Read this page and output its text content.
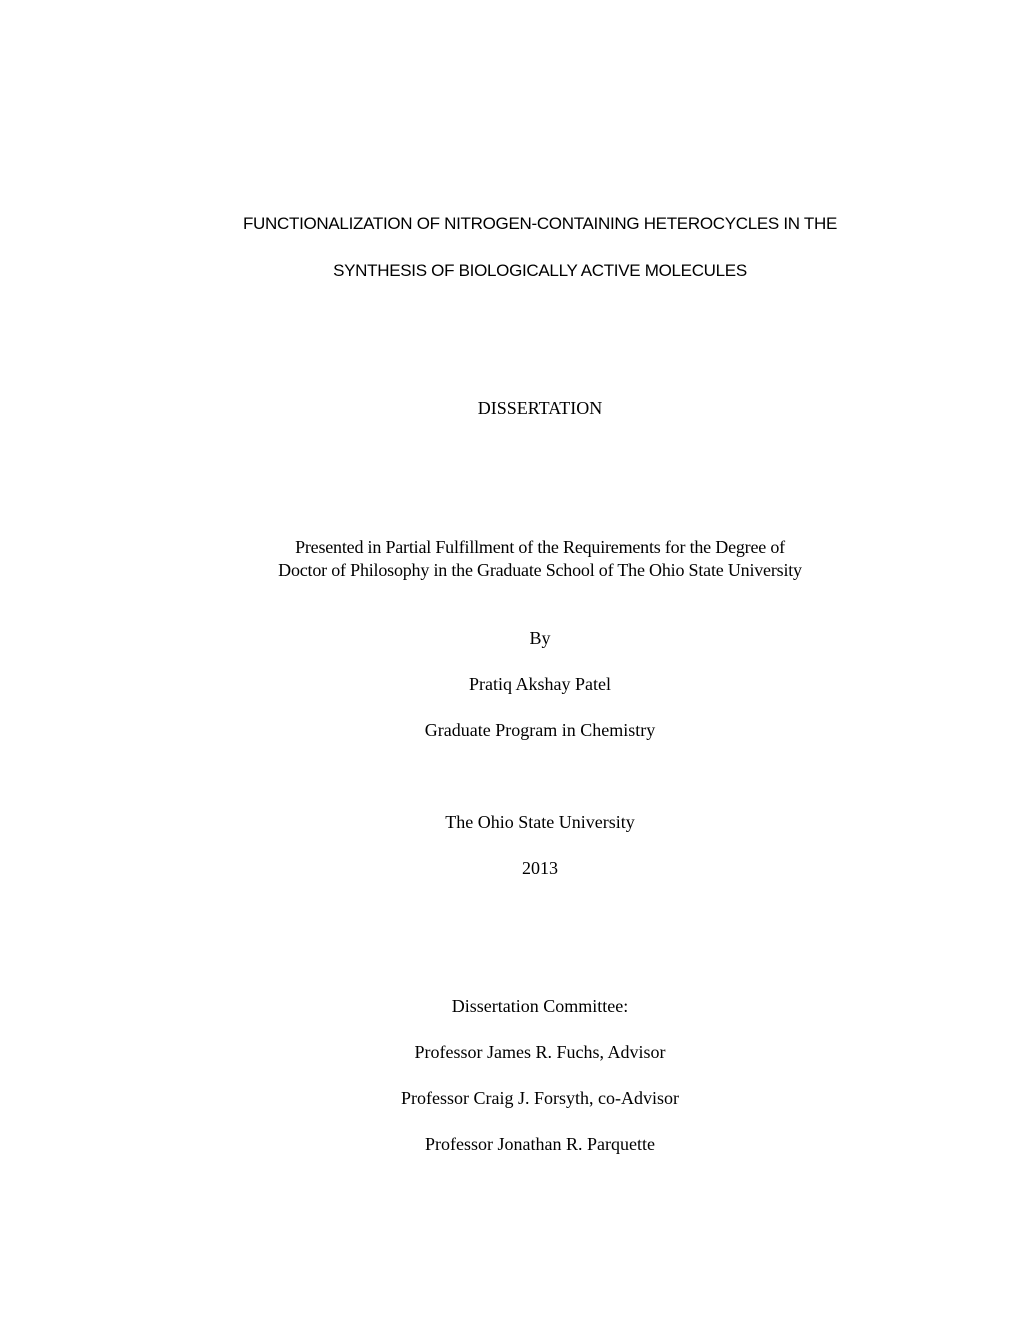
FUNCTIONALIZATION OF NITROGEN-CONTAINING HETEROCYCLES IN THE
SYNTHESIS OF BIOLOGICALLY ACTIVE MOLECULES
DISSERTATION
Presented in Partial Fulfillment of the Requirements for the Degree of
Doctor of Philosophy in the Graduate School of The Ohio State University
By
Pratiq Akshay Patel
Graduate Program in Chemistry
The Ohio State University
2013
Dissertation Committee:
Professor James R. Fuchs, Advisor
Professor Craig J. Forsyth, co-Advisor
Professor Jonathan R. Parquette
